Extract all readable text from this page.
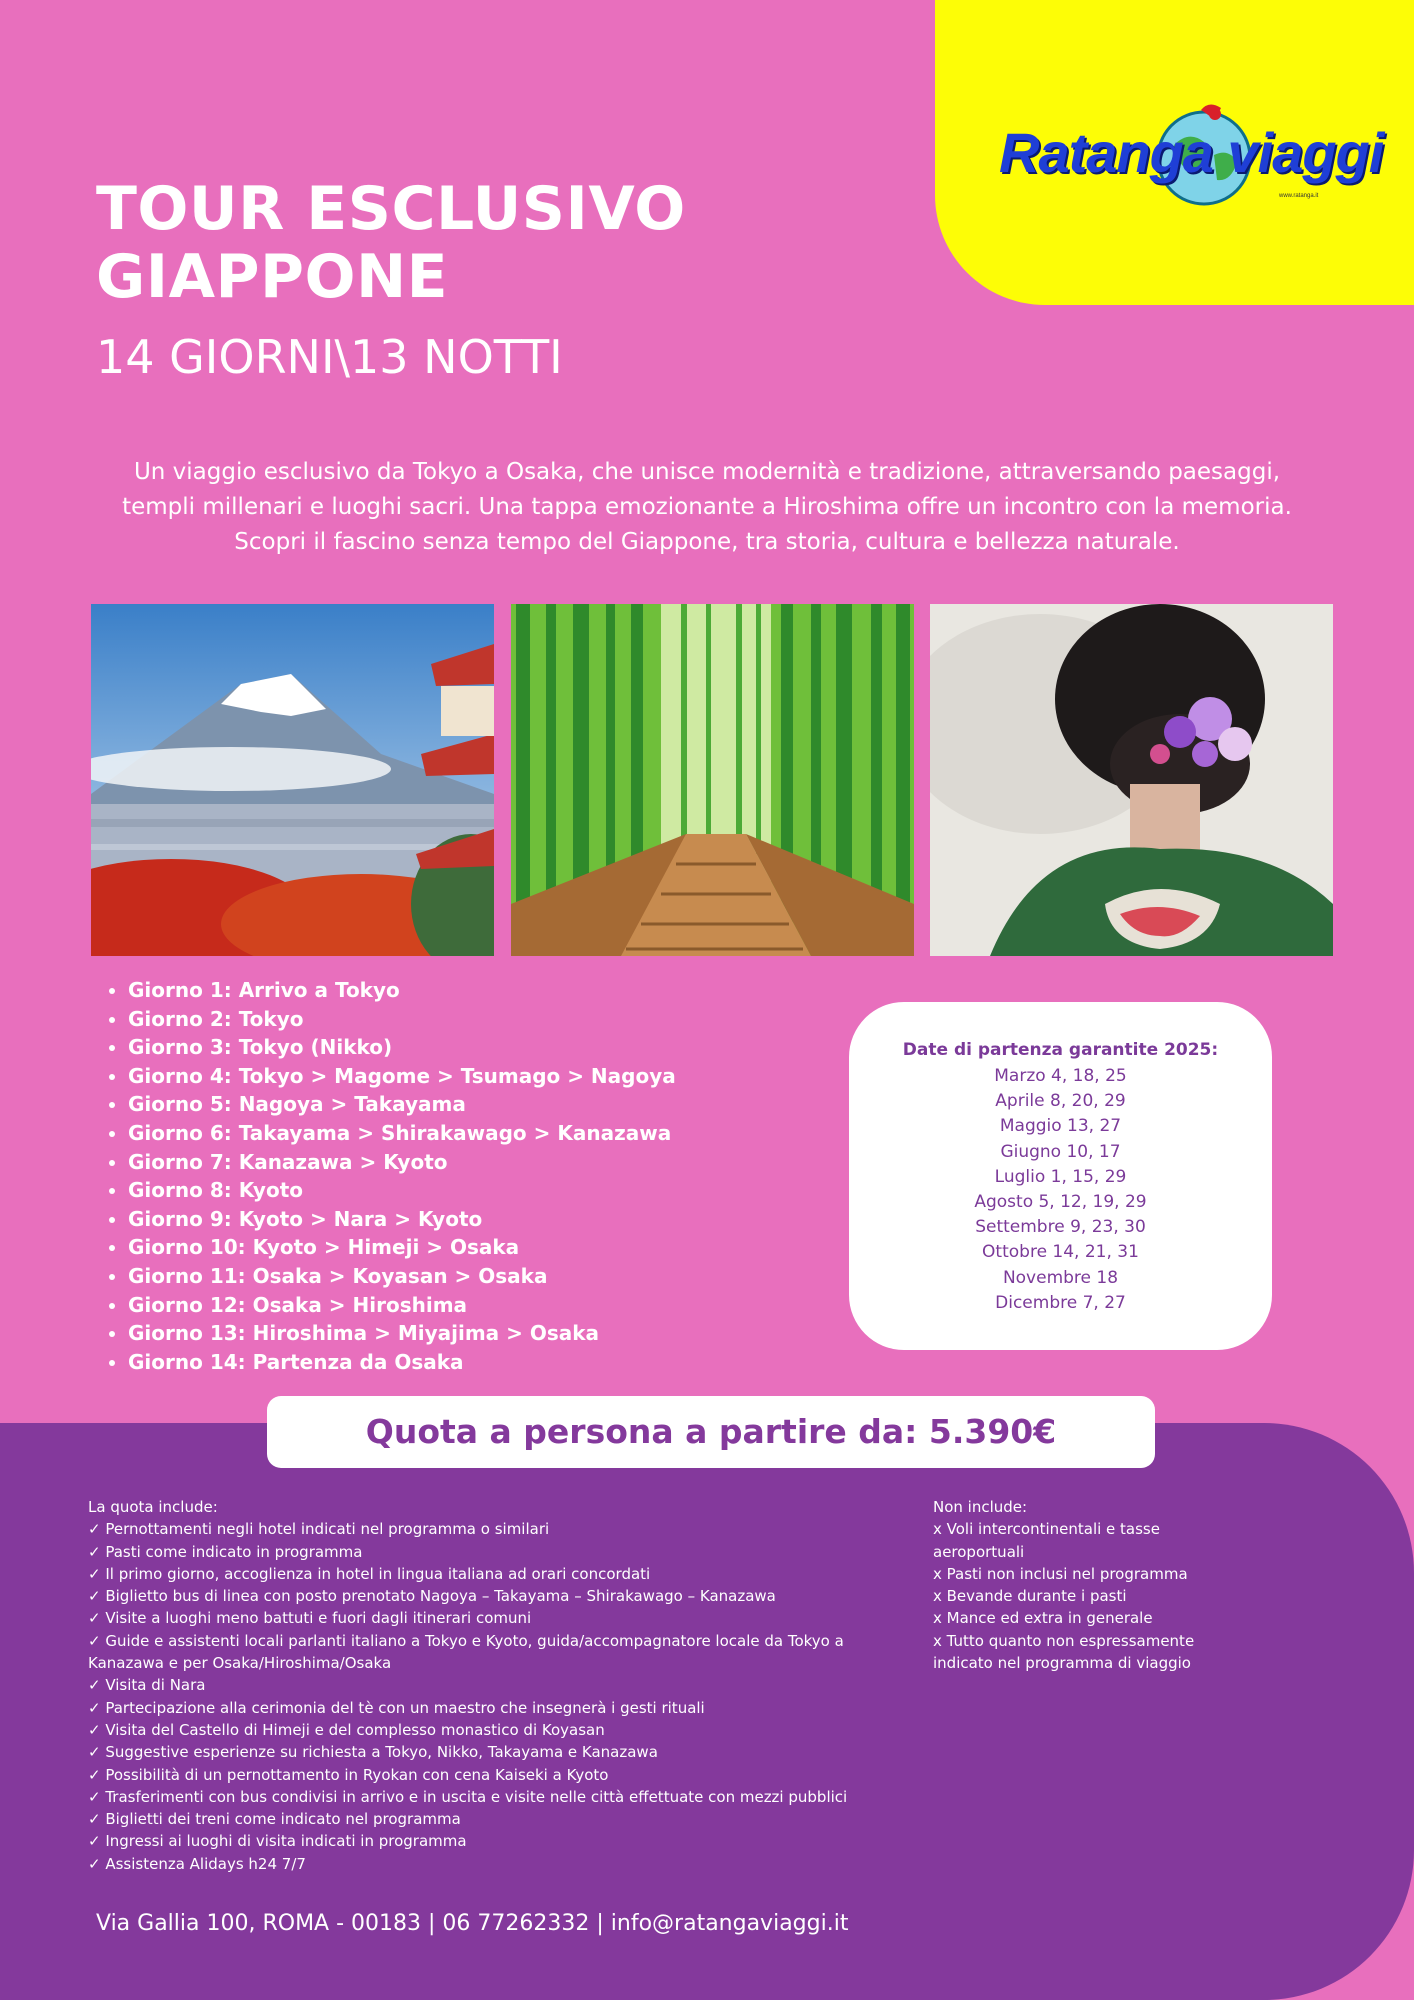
Ratanga viaggi
www.ratanga.it
TOUR ESCLUSIVO
GIAPPONE
14 GIORNI\13 NOTTI

Un viaggio esclusivo da Tokyo a Osaka, che unisce modernità e tradizione, attraversando paesaggi, templi millenari e luoghi sacri. Una tappa emozionante a Hiroshima offre un incontro con la memoria. Scopri il fascino senza tempo del Giappone, tra storia, cultura e bellezza naturale.

• Giorno 1: Arrivo a Tokyo
• Giorno 2: Tokyo
• Giorno 3: Tokyo (Nikko)
• Giorno 4: Tokyo > Magome > Tsumago > Nagoya
• Giorno 5: Nagoya > Takayama
• Giorno 6: Takayama > Shirakawago > Kanazawa
• Giorno 7: Kanazawa > Kyoto
• Giorno 8: Kyoto
• Giorno 9: Kyoto > Nara > Kyoto
• Giorno 10: Kyoto > Himeji > Osaka
• Giorno 11: Osaka > Koyasan > Osaka
• Giorno 12: Osaka > Hiroshima
• Giorno 13: Hiroshima > Miyajima > Osaka
• Giorno 14: Partenza da Osaka
Date di partenza garantite 2025:
Marzo 4, 18, 25
Aprile 8, 20, 29
Maggio 13, 27
Giugno 10, 17
Luglio 1, 15, 29
Agosto 5, 12, 19, 29
Settembre 9, 23, 30
Ottobre 14, 21, 31
Novembre 18
Dicembre 7, 27
Quota a persona a partire da: 5.390€
La quota include:
✓ Pernottamenti negli hotel indicati nel programma o similari
✓ Pasti come indicato in programma
✓ Il primo giorno, accoglienza in hotel in lingua italiana ad orari concordati
✓ Biglietto bus di linea con posto prenotato Nagoya – Takayama – Shirakawago – Kanazawa
✓ Visite a luoghi meno battuti e fuori dagli itinerari comuni
✓ Guide e assistenti locali parlanti italiano a Tokyo e Kyoto, guida/accompagnatore locale da Tokyo a Kanazawa e per Osaka/Hiroshima/Osaka
✓ Visita di Nara
✓ Partecipazione alla cerimonia del tè con un maestro che insegnerà i gesti rituali
✓ Visita del Castello di Himeji e del complesso monastico di Koyasan
✓ Suggestive esperienze su richiesta a Tokyo, Nikko, Takayama e Kanazawa
✓ Possibilità di un pernottamento in Ryokan con cena Kaiseki a Kyoto
✓ Trasferimenti con bus condivisi in arrivo e in uscita e visite nelle città effettuate con mezzi pubblici
✓ Biglietti dei treni come indicato nel programma
✓ Ingressi ai luoghi di visita indicati in programma
✓ Assistenza Alidays h24 7/7
Non include:
x Voli intercontinentali e tasse aeroportuali
x Pasti non inclusi nel programma
x Bevande durante i pasti
x Mance ed extra in generale
x Tutto quanto non espressamente indicato nel programma di viaggio
Via Gallia 100, ROMA - 00183 | 06 77262332 | info@ratangaviaggi.it
